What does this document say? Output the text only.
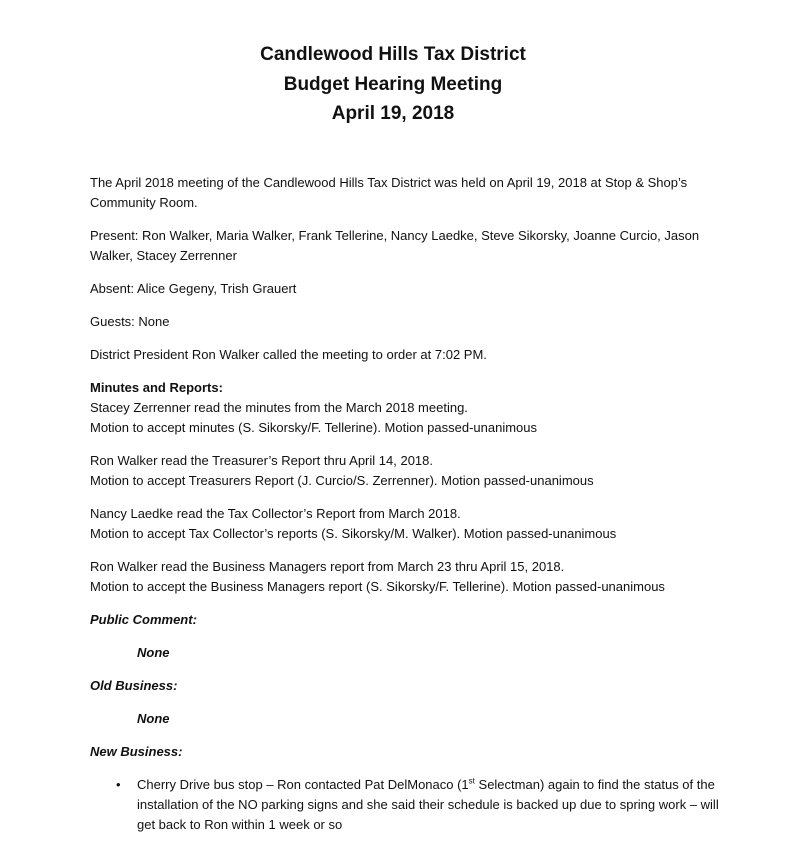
Candlewood Hills Tax District
Budget Hearing Meeting
April 19, 2018

The April 2018 meeting of the Candlewood Hills Tax District was held on April 19, 2018 at Stop & Shop’s Community Room.

Present: Ron Walker, Maria Walker, Frank Tellerine, Nancy Laedke, Steve Sikorsky, Joanne Curcio, Jason Walker, Stacey Zerrenner

Absent: Alice Gegeny, Trish Grauert

Guests: None

District President Ron Walker called the meeting to order at 7:02 PM.

Minutes and Reports:
Stacey Zerrenner read the minutes from the March 2018 meeting.
Motion to accept minutes (S. Sikorsky/F. Tellerine). Motion passed-unanimous
Ron Walker read the Treasurer’s Report thru April 14, 2018.
Motion to accept Treasurers Report (J. Curcio/S. Zerrenner). Motion passed-unanimous
Nancy Laedke read the Tax Collector’s Report from March 2018.
Motion to accept Tax Collector’s reports (S. Sikorsky/M. Walker). Motion passed-unanimous
Ron Walker read the Business Managers report from March 23 thru April 15, 2018.
Motion to accept the Business Managers report (S. Sikorsky/F. Tellerine). Motion passed-unanimous

Public Comment:

None

Old Business:

None

New Business:

• Cherry Drive bus stop – Ron contacted Pat DelMonaco (1st Selectman) again to find the status of the installation of the NO parking signs and she said their schedule is backed up due to spring work – will get back to Ron within 1 week or so
